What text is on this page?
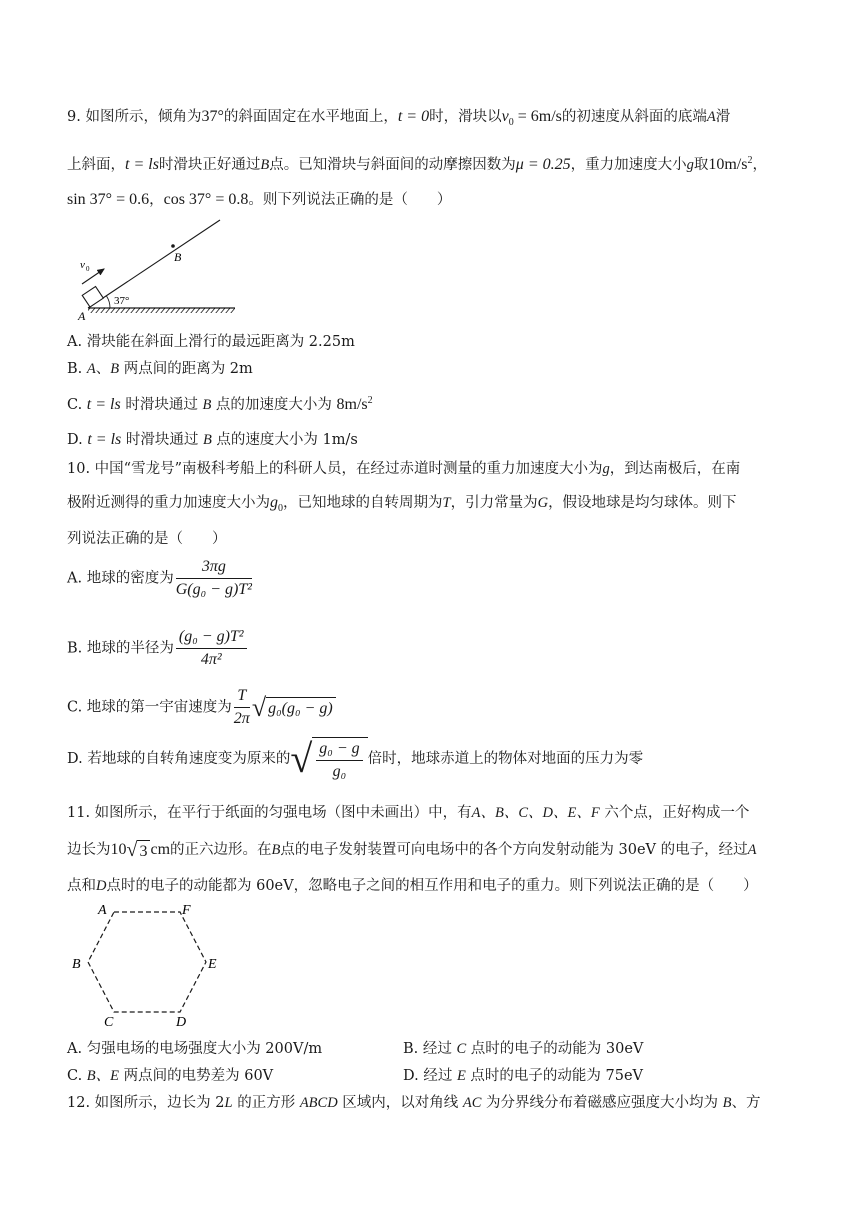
9. 如图所示，倾角为37°的斜面固定在水平地面上，t = 0时，滑块以$v_0 = 6m/s$的初速度从斜面的底端A滑
上斜面，t = ls时滑块正好通过B点。已知滑块与斜面间的动摩擦因数为μ = 0.25，重力加速度大小g取$10m/s^2$，
sin 37° = 0.6，cos 37° = 0.8。则下列说法正确的是（　　）
v 0
B
A
37°
A. 滑块能在斜面上滑行的最远距离为 2.25m
B. A、B 两点间的距离为 2m
C. t = ls 时滑块通过 B 点的加速度大小为 $8m/s^2$
D. t = ls 时滑块通过 B 点的速度大小为 1m/s
10. 中国“雪龙号”南极科考船上的科研人员，在经过赤道时测量的重力加速度大小为g，到达南极后，在南
极附近测得的重力加速度大小为$g_0$，已知地球的自转周期为T，引力常量为G，假设地球是均匀球体。则下
列说法正确的是（　　）
A. 地球的密度为 $\frac{3\pi g}{\text{G(g₀ − g)T²}}$
B. 地球的半径为 $\frac{\text{(g₀ − g)T²}}{\text{4π²}}$
C. 地球的第一宇宙速度为 $\frac{T}{2\pi}$ √ g₀(g₀ − g)
D. 若地球的自转角速度变为原来的√ $\frac{\text{g₀ − g}}{\text{g₀}}$ 倍时，地球赤道上的物体对地面的压力为零
11. 如图所示，在平行于纸面的匀强电场（图中未画出）中，有A、B、C、D、E、F 六个点，正好构成一个
边长为10√ 3 cm的正六边形。在B点的电子发射装置可向电场中的各个方向发射动能为 30eV 的电子，经过A
点和D点时的电子的动能都为 60eV，忽略电子之间的相互作用和电子的重力。则下列说法正确的是（　　）
A	F
B	E
C	D
A. 匀强电场的电场强度大小为 200V/m	B. 经过 C 点时的电子的动能为 30eV
C. B、E 两点间的电势差为 60V	D. 经过 E 点时的电子的动能为 75eV
12. 如图所示，边长为 2L 的正方形 ABCD 区域内，以对角线 AC 为分界线分布着磁感应强度大小均为 B、方
